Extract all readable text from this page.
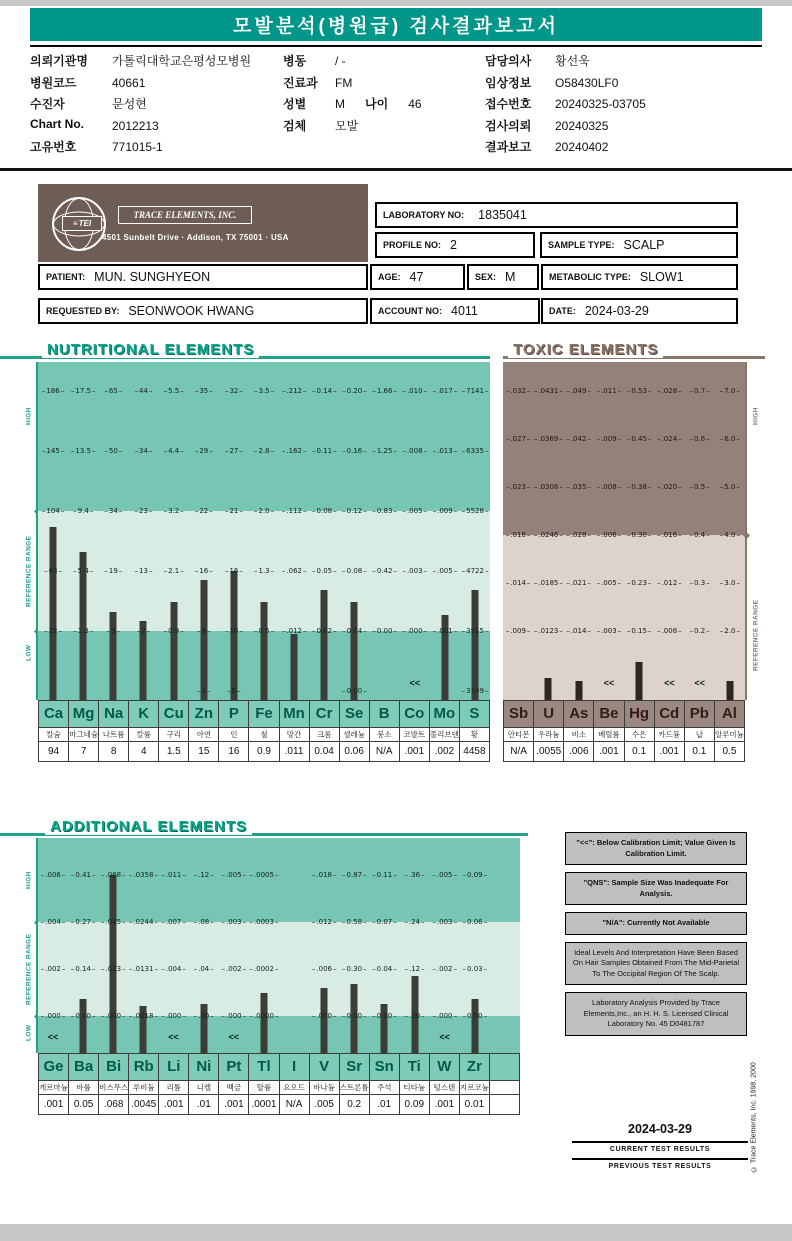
모발분석(병원급) 검사결과보고서
의뢰기관명 가톨릭대학교은평성모병원
병원코드	40661
수진자	문성현
Chart No. 2012213
고유번호	771015-1
병동 / -
진료과 FM
성별 M 나이 46
검체 모발
담당의사 황선욱
임상정보 O58430LF0
접수번호 20240325-03705
검사의뢰 20240325
결과보고 20240402
≡ TEI
TRACE ELEMENTS, INC.
4501 Sunbelt Drive · Addison, TX 75001 · USA
LABORATORY NO: 1835041
PROFILE NO: 2	SAMPLE TYPE: SCALP
PATIENT: MUN. SUNGHYEON	AGE: 47	SEX: M	METABOLIC TYPE: SLOW1
REQUESTED BY: SEONWOOK HWANG	ACCOUNT NO: 4011	DATE: 2024-03-29
NUTRITIONAL ELEMENTS	TOXIC ELEMENTS
ADDITIONAL ELEMENTS
HIGH
REFERENCE RANGE
LOW
– 186 –
– 145 –
– 104 –
– 63 –
– 22 –
– 17.5 –
– 13.5 –
– 9.4 –
– 5.4 –
– 1.3 –
– 65 –
– 50 –
– 34 –
– 19 –
– 3 –
– 44 –
– 34 –
– 23 –
– 13 –
– 2 –
– 5.5 –
– 4.4 –
– 3.2 –
– 2.1 –
– 0.9 –
– 35 –
– 29 –
– 22 –
– 16 –
– 9 –
– 3 –
– 32 –
– 27 –
– 21 –
– 16 –
– 10 –
– 5 –
– 3.5 –
– 2.8 –
– 2.0 –
– 1.3 –
– 0.5 –
– .212 –
– .162 –
– .112 –
– .062 –
– .012 –
– 0.14 –
– 0.11 –
– 0.08 –
– 0.05 –
– 0.02 –
– 0.20 –
– 0.16 –
– 0.12 –
– 0.08 –
– 0.04 –
– 0.00 –
– 1.66 –
– 1.25 –
– 0.83 –
– 0.42 –
– 0.00 –
– .010 –
– .008 –
– .005 –
– .003 –
– .000 –
<<
– .017 –
– .013 –
– .009 –
– .005 –
– .001 –
– 7141 –
– 6335 –
– 5528 –
– 4722 –
– 3915 –
– 3109 –
Ca Mg Na	K Cu Zn	P	Fe Mn Cr Se	B Co Mo S
칼슘	마그네슘 나트륨	칼륨	구리	아연	인	철	망간	크롬	셀레늄	붕소	코발트 몰리브덴	황
94	7	8	4	1.5	15	16	0.9	.011	0.04	0.06	N/A	.001	.002 4458
– .032 –
– .027 –
– .023 –
– .018 –
– .014 –
– .009 –
– .0431 –
– .0369 –
– .0308 –
– .0246 –
– .0185 –
– .0123 –
– .049 –
– .042 –
– .035 –
– .028 –
– .021 –
– .014 –
– .011 –
– .009 –
– .008 –
– .006 –
– .005 –
– .003 –
<<
– 0.53 –
– 0.45 –
– 0.38 –
– 0.30 –
– 0.23 –
– 0.15 –
– .028 –
– .024 –
– .020 –
– .016 –
– .012 –
– .008 –
<<
– 0.7 –
– 0.6 –
– 0.5 –
– 0.4 –
– 0.3 –
– 0.2 –
<<
– 7.0 –
– 6.0 –
– 5.0 –
– 4.0 –
– 3.0 –
– 2.0 –
Sb	U	As Be Hg Cd Pb Al
안티몬	우라늄	비소	베릴륨	수은	카드뮴	납	알루미늄
N/A .0055 .006	.001	0.1	.001	0.1	0.5
HIGH
REFERENCE RANGE
HIGH
REFERENCE RANGE
LOW
– .006 –
– .004 –
– .002 –
– .000 –
<<
– 0.41 –
– 0.27 –
– 0.14 –
– 0.00 –
– .068 –
– .045 –
– .023 –
– .000 –
– .0358 –
– .0244 –
– .0131 –
– .0018 –
– .011 –
– .007 –
– .004 –
– .000 –
<<
– .12 –
– .08 –
– .04 –
– .00 –
– .005 –
– .003 –
– .002 –
– .000 –
<<
– .0005 –
– .0003 –
– .0002 –
– .0000 –
– .018 –
– .012 –
– .006 –
– .000 –
– 0.87 –
– 0.58 –
– 0.30 –
– 0.00 –
– 0.11 –
– 0.07 –
– 0.04 –
– 0.00 –
– .36 –
– .24 –
– .12 –
– .00 –
– .005 –
– .003 –
– .002 –
– .000 –
<<
– 0.09 –
– 0.06 –
– 0.03 –
– 0.00 –
Ge Ba Bi Rb Li	Ni	Pt	Tl	I	V	Sr Sn Ti	W	Zr
게르마늄	바륨	비스무스 루비듐	리튬	니켈	백금	탈륨	요오드	바나듐 스트론튬	주석	티타늄	텅스텐 지르코늄
.001	0.05	.068 .0045 .001	.01	.001 .0001 N/A	.005	0.2	.01	0.09	.001	0.01
"<<": Below Calibration Limit; Value Given Is Calibration Limit.
"QNS": Sample Size Was Inadequate For Analysis.
"N/A": Currently Not Available
Ideal Levels And Interpretation Have Been Based On Hair Samples Obtained From The Mid-Parietal To The Occipital Region Of The Scalp.
Laboratory Analysis Provided by Trace Elements,Inc., an H. H. S. Licensed Clinical Laboratory No. 45 D0481787
2024-03-29
CURRENT TEST RESULTS
PREVIOUS TEST RESULTS	© Trace Elements, Inc. 1998, 2000
